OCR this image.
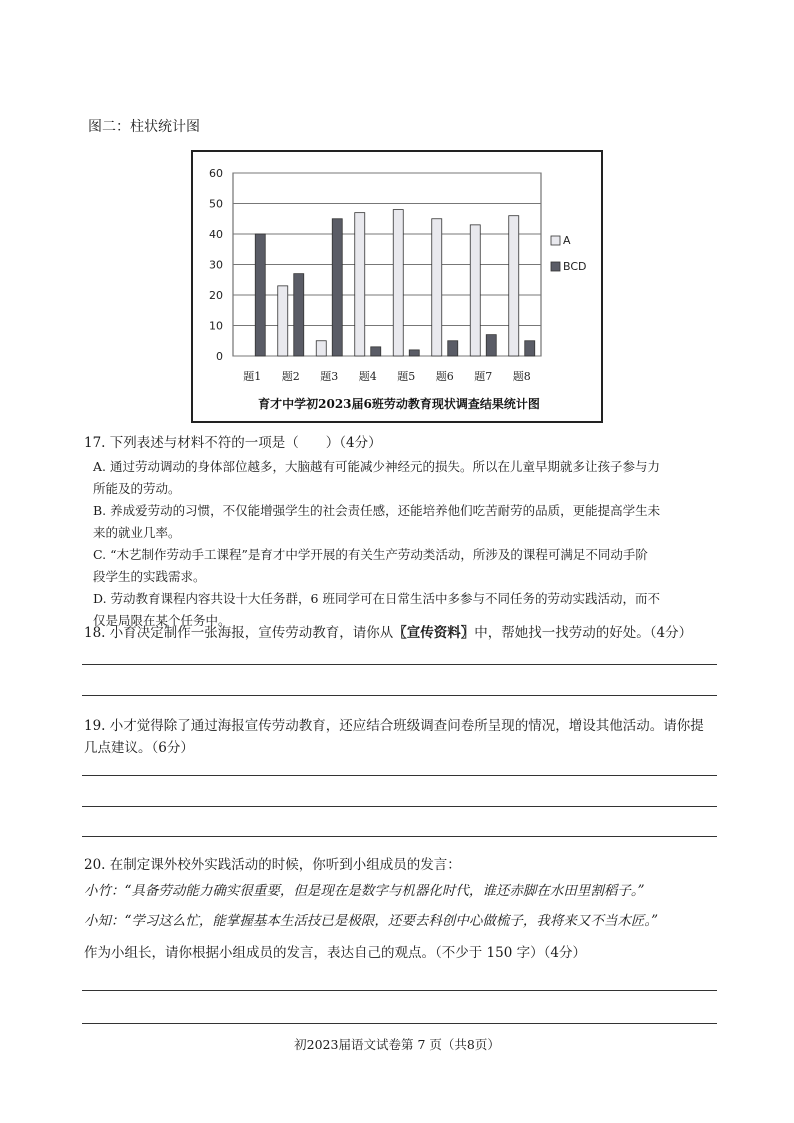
图二：柱状统计图
0
10
20
30
40
50
60
题1 题2 题3 题4 题5 题6 题7 题8
A
BCD
育才中学初2023届6班劳动教育现状调查结果统计图
17. 下列表述与材料不符的一项是（　　）（4分）
A. 通过劳动调动的身体部位越多，大脑越有可能减少神经元的损失。所以在儿童早期就多让孩子参与力
所能及的劳动。
B. 养成爱劳动的习惯，不仅能增强学生的社会责任感，还能培养他们吃苦耐劳的品质，更能提高学生未
来的就业几率。
C. “木艺制作劳动手工课程”是育才中学开展的有关生产劳动类活动，所涉及的课程可满足不同动手阶
段学生的实践需求。
D. 劳动教育课程内容共设十大任务群，6 班同学可在日常生活中多参与不同任务的劳动实践活动，而不
仅是局限在某个任务中。
18. 小育决定制作一张海报，宣传劳动教育，请你从〖宣传资料〗中，帮她找一找劳动的好处。（4分）
19. 小才觉得除了通过海报宣传劳动教育，还应结合班级调查问卷所呈现的情况，增设其他活动。请你提
几点建议。（6分）
20. 在制定课外校外实践活动的时候，你听到小组成员的发言：
小竹：“具备劳动能力确实很重要，但是现在是数字与机器化时代，谁还赤脚在水田里割稻子。”
小知：“学习这么忙，能掌握基本生活技已是极限，还要去科创中心做梳子，我将来又不当木匠。”
作为小组长，请你根据小组成员的发言，表达自己的观点。（不少于 150 字）（4分）
初2023届语文试卷第 7 页（共8页）
